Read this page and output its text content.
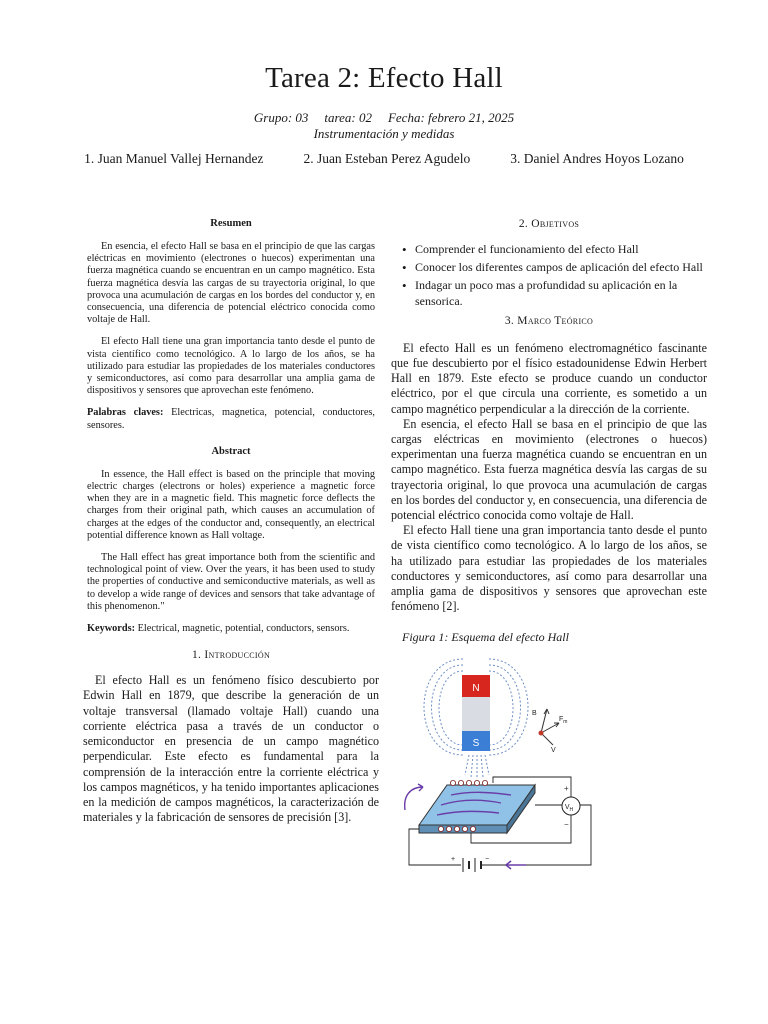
Tarea 2: Efecto Hall
Grupo: 03 tarea: 02 Fecha: febrero 21, 2025
Instrumentación y medidas
1. Juan Manuel Vallej Hernandez	2. Juan Esteban Perez Agudelo	3. Daniel Andres Hoyos Lozano
Resumen

En esencia, el efecto Hall se basa en el principio de que las cargas eléctricas en movimiento (electrones o huecos) experimentan una fuerza magnética cuando se encuentran en un campo magnético. Esta fuerza magnética desvía las cargas de su trayectoria original, lo que provoca una acumulación de cargas en los bordes del conductor y, en consecuencia, una diferencia de potencial eléctrico conocida como voltaje de Hall.

El efecto Hall tiene una gran importancia tanto desde el punto de vista científico como tecnológico. A lo largo de los años, se ha utilizado para estudiar las propiedades de los materiales conductores y semiconductores, así como para desarrollar una amplia gama de dispositivos y sensores que aprovechan este fenómeno.

Palabras claves: Electricas, magnetica, potencial, conductores, sensores.

Abstract

In essence, the Hall effect is based on the principle that moving electric charges (electrons or holes) experience a magnetic force when they are in a magnetic field. This magnetic force deflects the charges from their original path, which causes an accumulation of charges at the edges of the conductor and, consequently, an electrical potential difference known as Hall voltage.

The Hall effect has great importance both from the scientific and technological point of view. Over the years, it has been used to study the properties of conductive and semiconductive materials, as well as to develop a wide range of devices and sensors that take advantage of this phenomenon."

Keywords: Electrical, magnetic, potential, conductors, sensors.

1. Introducción

El efecto Hall es un fenómeno físico descubierto por Edwin Hall en 1879, que describe la generación de un voltaje transversal (llamado voltaje Hall) cuando una corriente eléctrica pasa a través de un conductor o semiconductor en presencia de un campo magnético perpendicular. Este efecto es fundamental para la comprensión de la interacción entre la corriente eléctrica y los campos magnéticos, y ha tenido importantes aplicaciones en la medición de campos magnéticos, la caracterización de materiales y la fabricación de sensores de precisión [3].

2. Objetivos
• Comprender el funcionamiento del efecto Hall
• Conocer los diferentes campos de aplicación del efecto Hall
• Indagar un poco mas a profundidad su aplicación en la sensorica.
3. Marco Teórico

El efecto Hall es un fenómeno electromagnético fascinante que fue descubierto por el físico estadounidense Edwin Herbert Hall en 1879. Este efecto se produce cuando un conductor eléctrico, por el que circula una corriente, es sometido a un campo magnético perpendicular a la dirección de la corriente.

En esencia, el efecto Hall se basa en el principio de que las cargas eléctricas en movimiento (electrones o huecos) experimentan una fuerza magnética cuando se encuentran en un campo magnético. Esta fuerza magnética desvía las cargas de su trayectoria original, lo que provoca una acumulación de cargas en los bordes del conductor y, en consecuencia, una diferencia de potencial eléctrico conocida como voltaje de Hall.

El efecto Hall tiene una gran importancia tanto desde el punto de vista científico como tecnológico. A lo largo de los años, se ha utilizado para estudiar las propiedades de los materiales conductores y semiconductores, así como para desarrollar una amplia gama de dispositivos y sensores que aprovechan este fenómeno [2].

Figura 1: Esquema del efecto Hall
N
S
B
$F_m$
V
$V_H$
+
−
+	−
